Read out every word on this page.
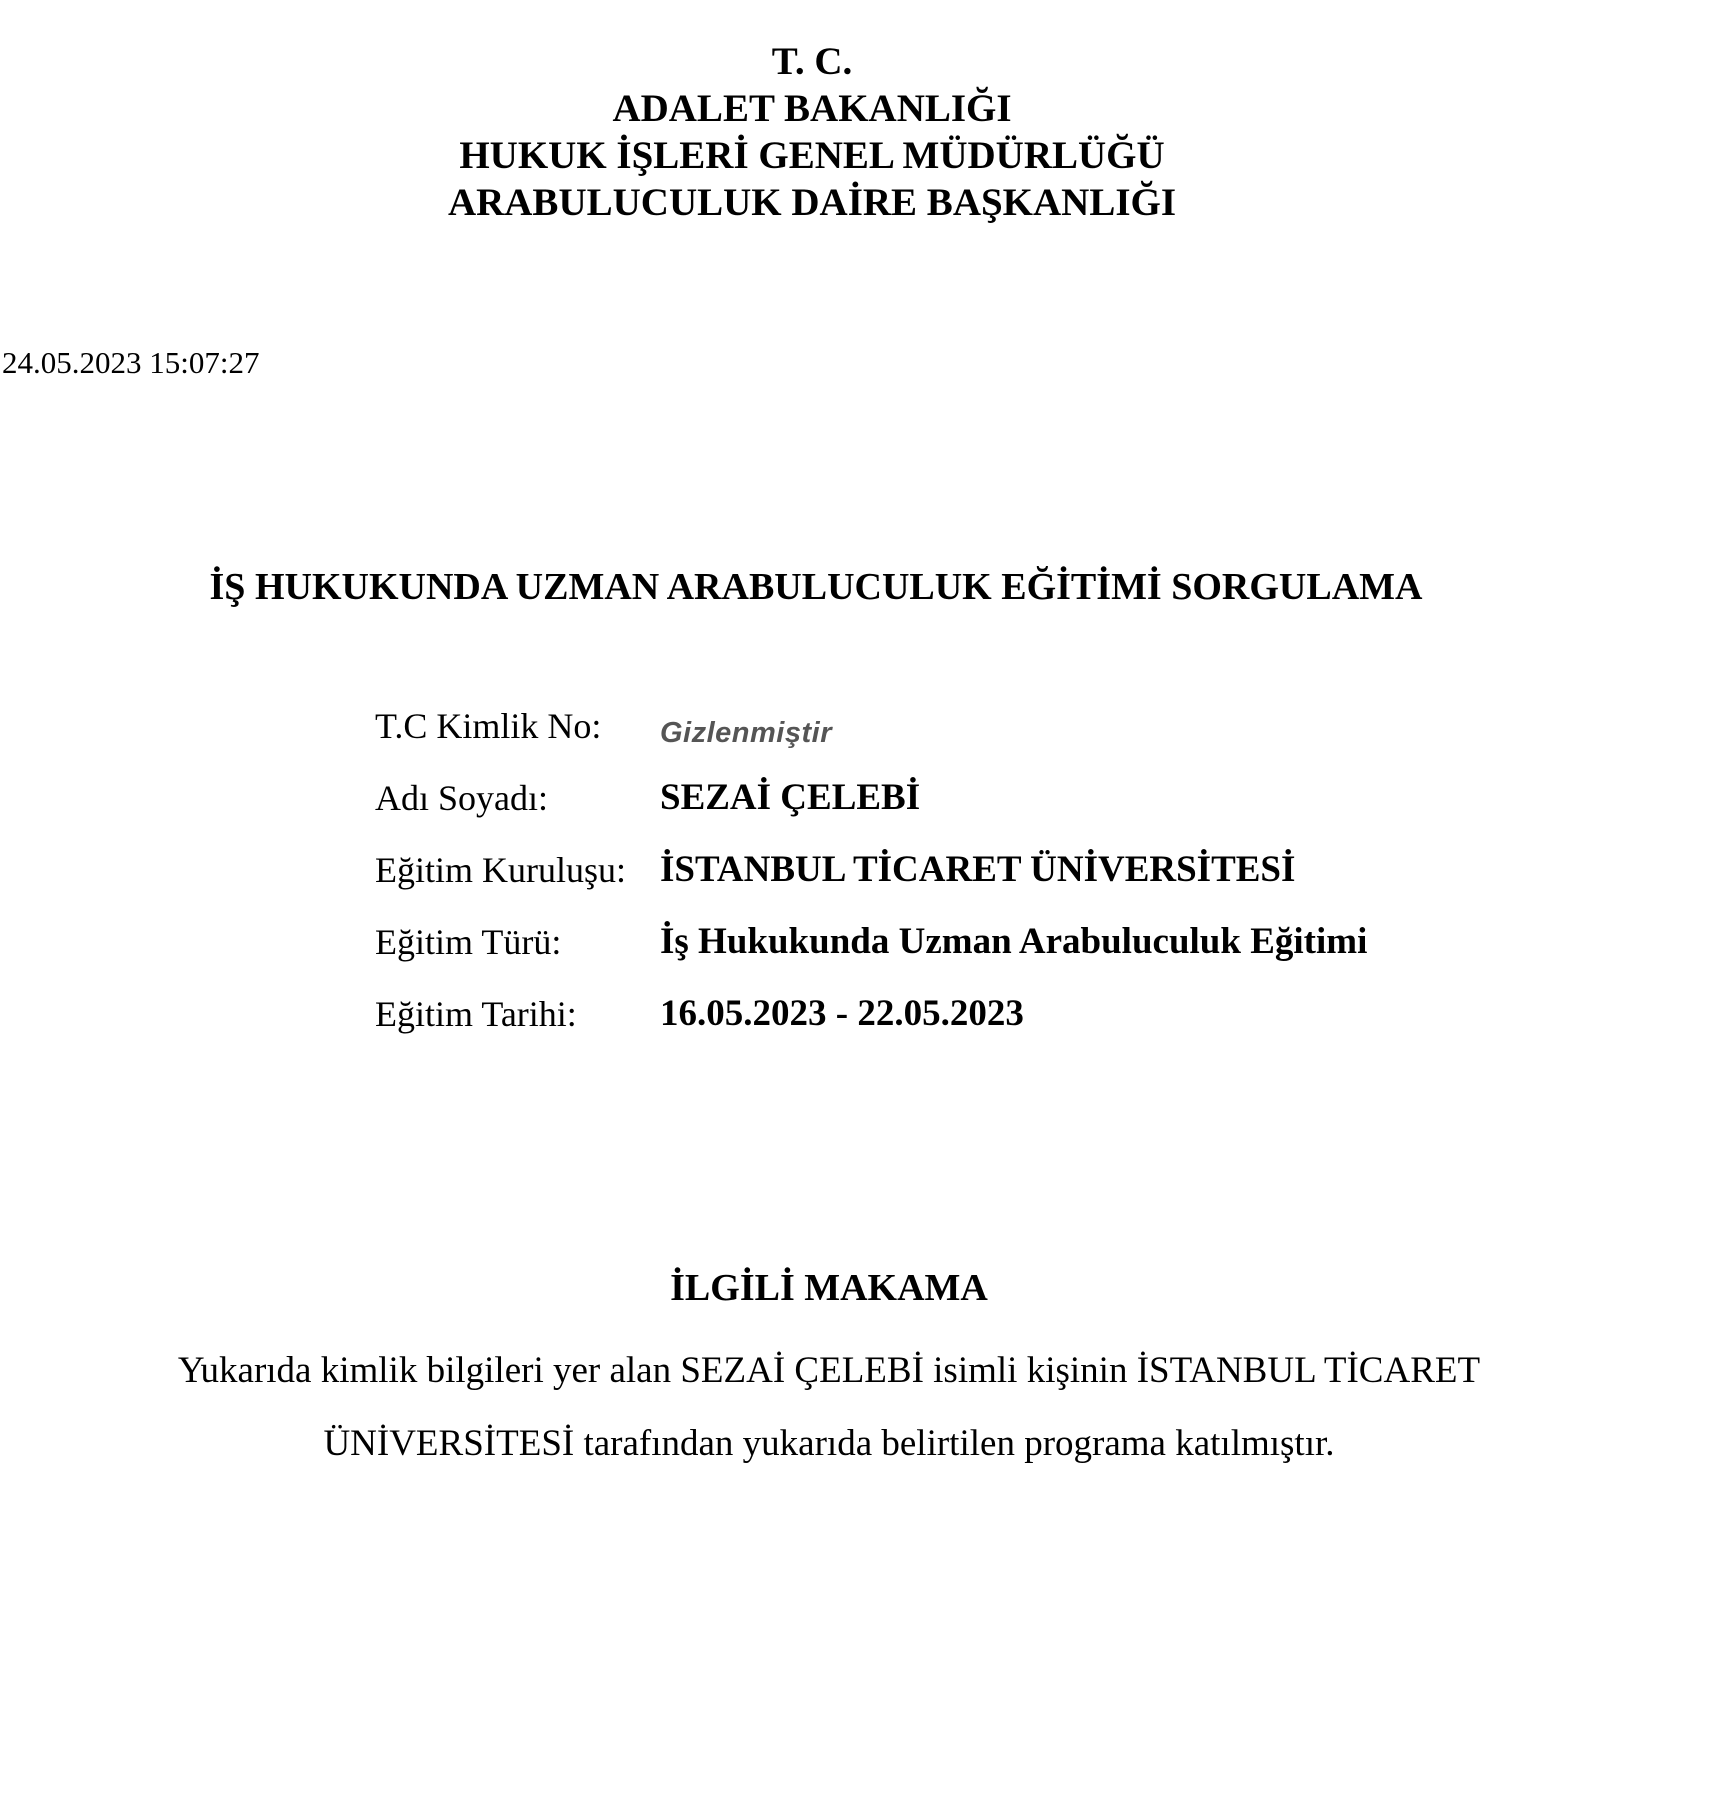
T. C.
ADALET BAKANLIĞI
HUKUK İŞLERİ GENEL MÜDÜRLÜĞÜ
ARABULUCULUK DAİRE BAŞKANLIĞI
24.05.2023 15:07:27
İŞ HUKUKUNDA UZMAN ARABULUCULUK EĞİTİMİ SORGULAMA
T.C Kimlik No:	Gizlenmiştir
Adı Soyadı:	SEZAİ ÇELEBİ
Eğitim Kuruluşu: İSTANBUL TİCARET ÜNİVERSİTESİ
Eğitim Türü:	İş Hukukunda Uzman Arabuluculuk Eğitimi
Eğitim Tarihi:	16.05.2023 - 22.05.2023
İLGİLİ MAKAMA
Yukarıda kimlik bilgileri yer alan SEZAİ ÇELEBİ isimli kişinin İSTANBUL TİCARET
ÜNİVERSİTESİ tarafından yukarıda belirtilen programa katılmıştır.
